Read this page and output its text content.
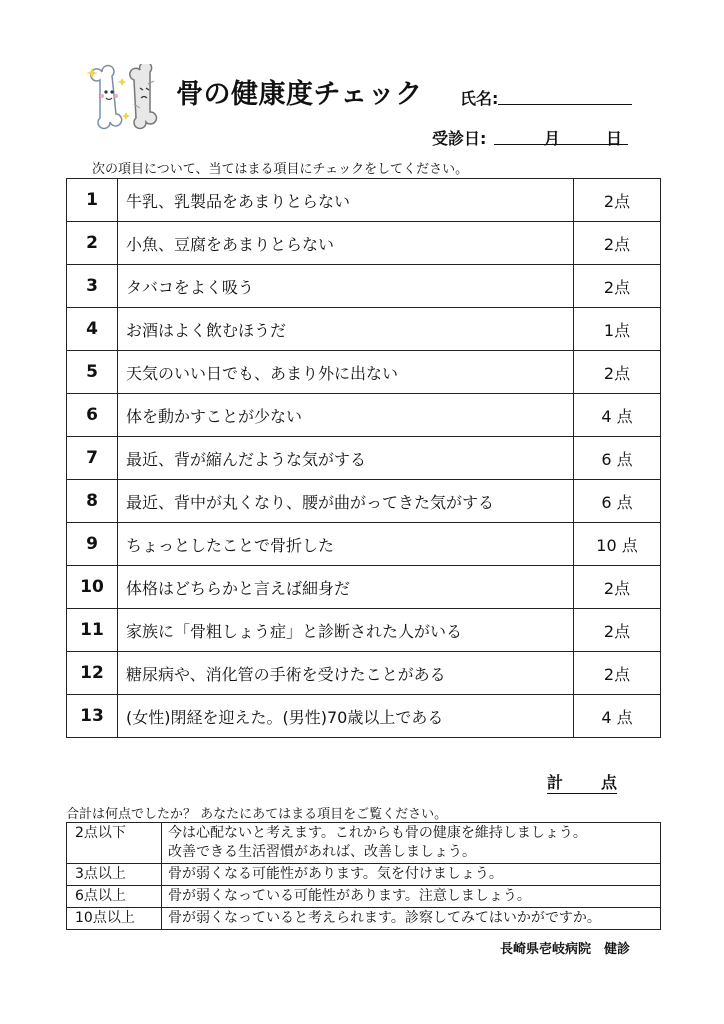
骨の健康度チェック 氏名:
受診日:	月	日
次の項目について、当てはまる項目にチェックをしてください。
1	牛乳、乳製品をあまりとらない	2点
2	小魚、豆腐をあまりとらない	2点
3	タバコをよく吸う	2点
4	お酒はよく飲むほうだ	1点
5	天気のいい日でも、あまり外に出ない	2点
6	体を動かすことが少ない	4 点
7	最近、背が縮んだような気がする	6 点
8	最近、背中が丸くなり、腰が曲がってきた気がする	6 点
9	ちょっとしたことで骨折した	10 点
10	体格はどちらかと言えば細身だ	2点
11	家族に「骨粗しょう症」と診断された人がいる	2点
12	糖尿病や、消化管の手術を受けたことがある	2点
13	(女性)閉経を迎えた。(男性)70歳以上である	4 点
計 点
合計は何点でしたか？ あなたにあてはまる項目をご覧ください。
2点以下	今は心配ないと考えます。これからも骨の健康を維持しましょう。
改善できる生活習慣があれば、改善しましょう。

3点以上	骨が弱くなる可能性があります。気を付けましょう。

6点以上	骨が弱くなっている可能性があります。注意しましょう。

10点以上	骨が弱くなっていると考えられます。診察してみてはいかがですか。
長崎県壱岐病院　健診
